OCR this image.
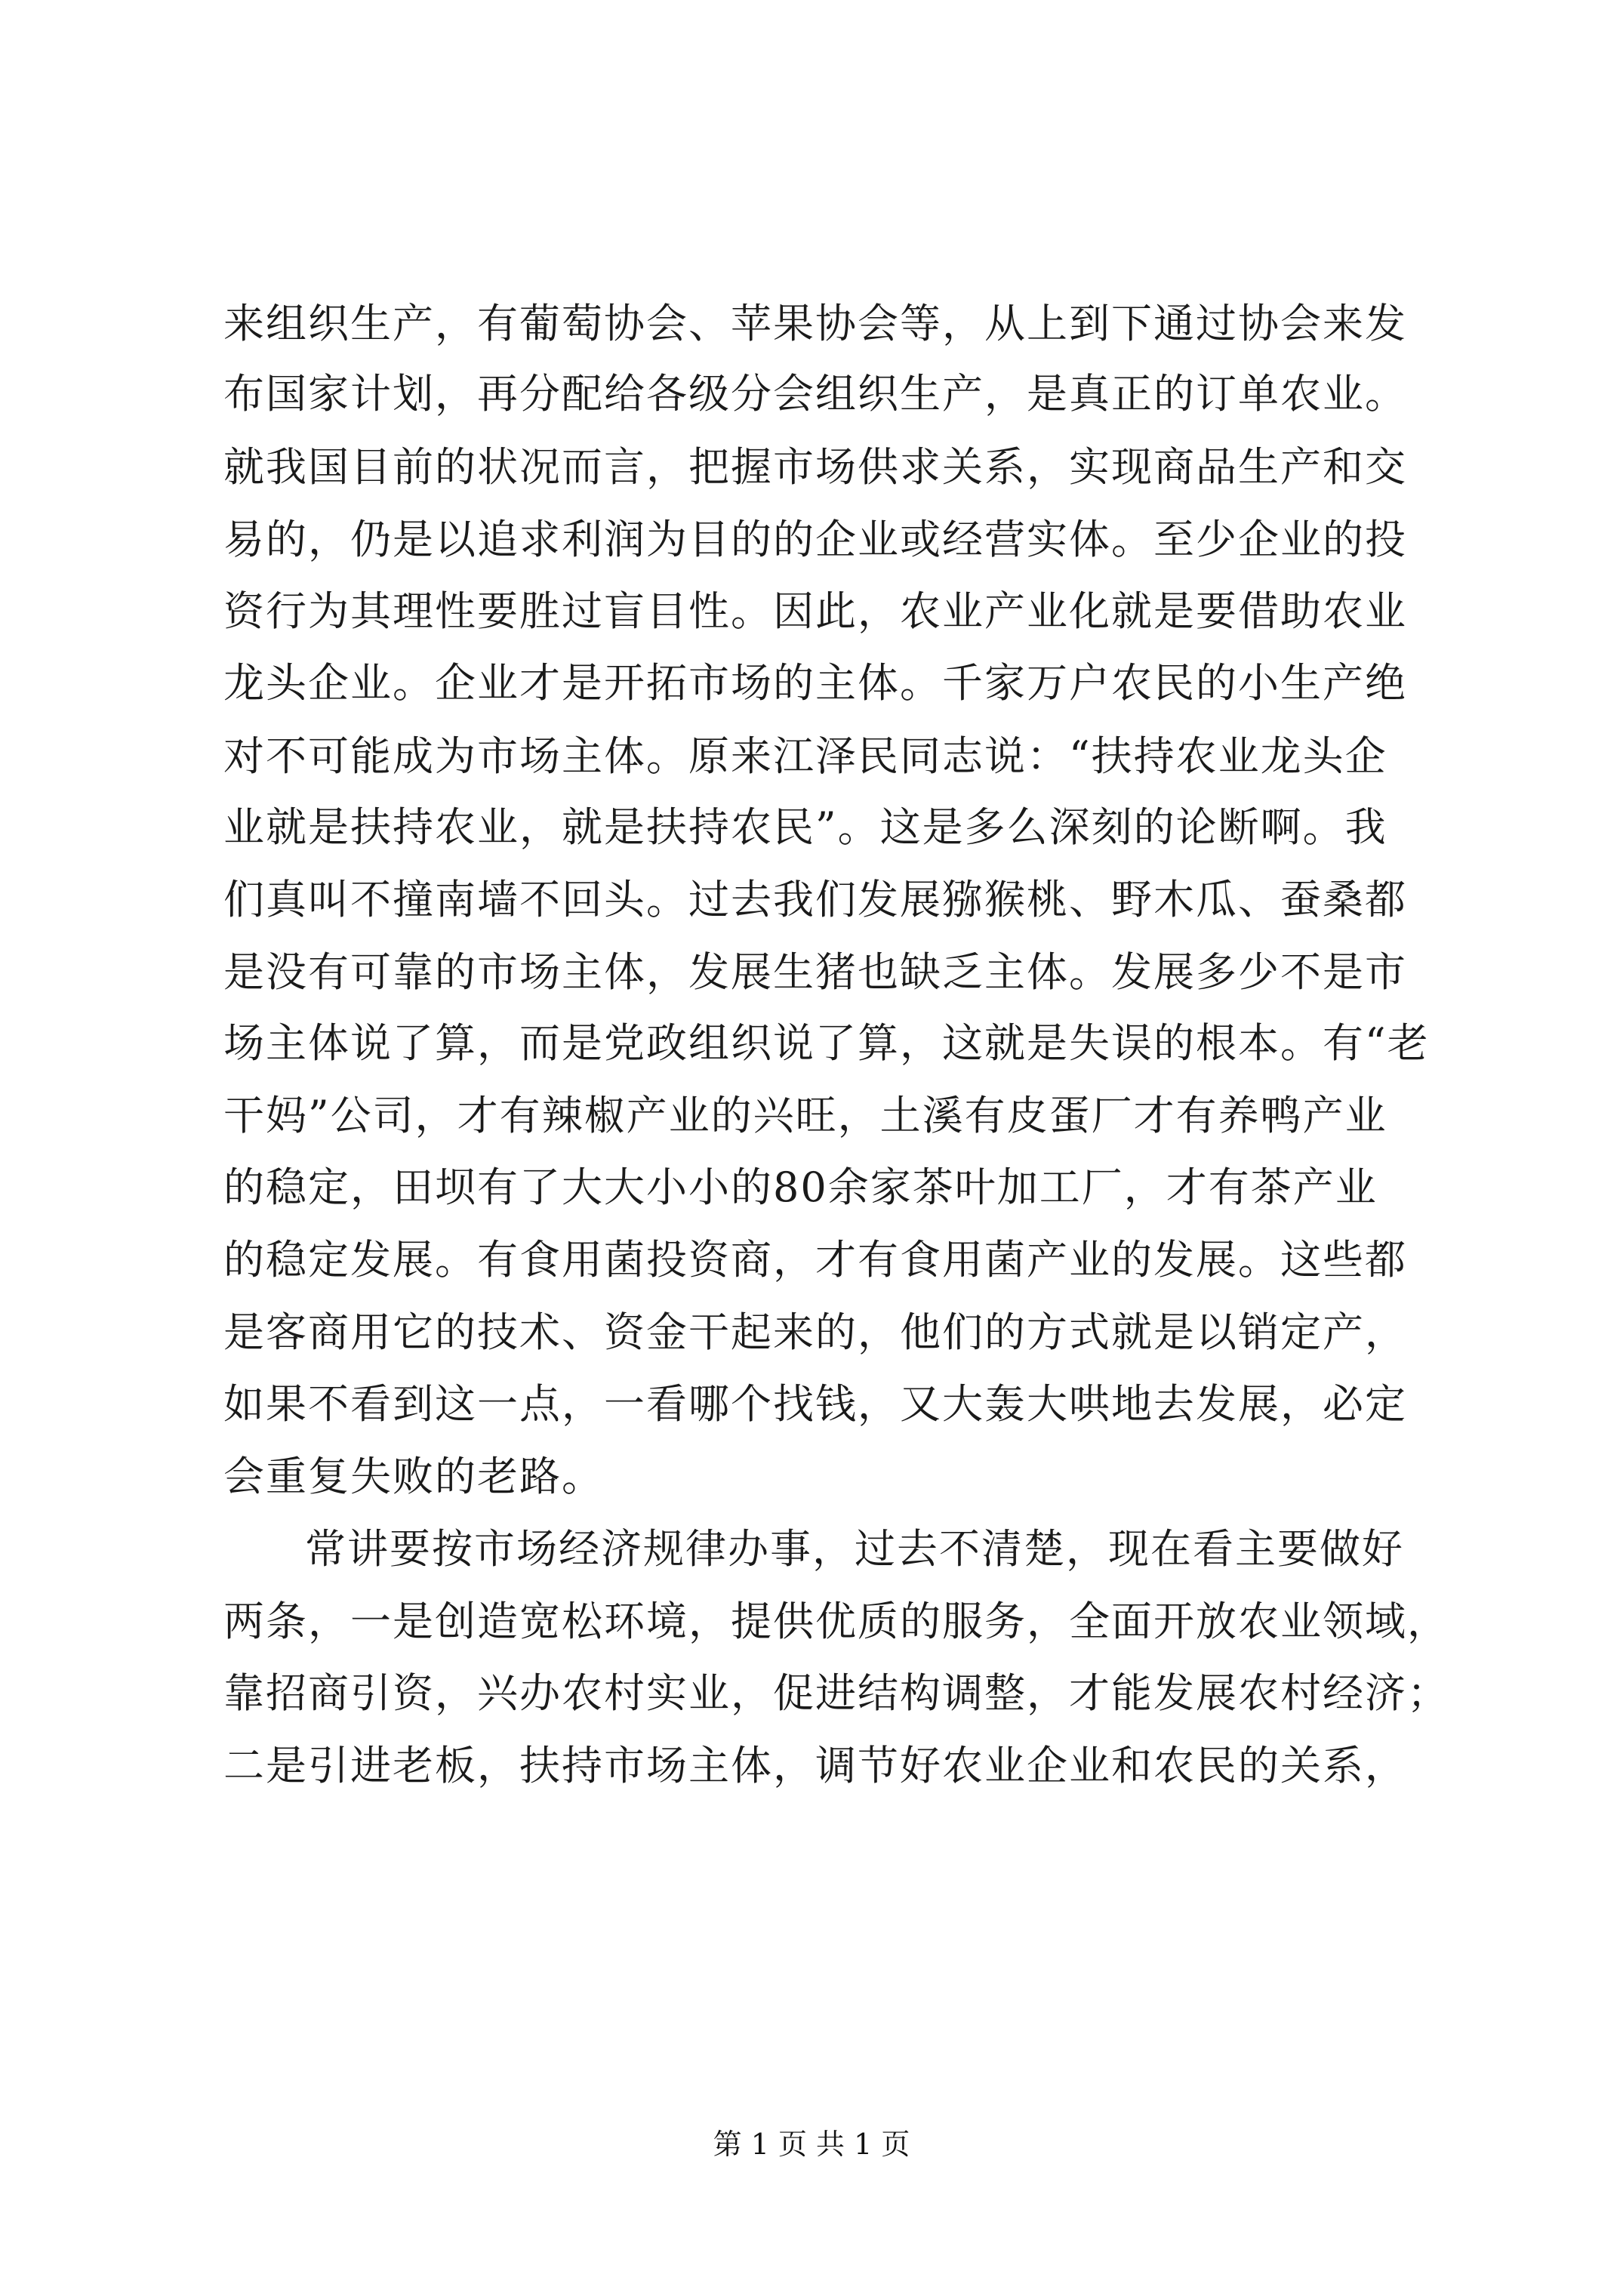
来组织生产，有葡萄协会、苹果协会等，从上到下通过协会来发
布国家计划，再分配给各级分会组织生产，是真正的订单农业。
就我国目前的状况而言，把握市场供求关系，实现商品生产和交
易的，仍是以追求利润为目的的企业或经营实体。至少企业的投
资行为其理性要胜过盲目性。因此，农业产业化就是要借助农业
龙头企业。企业才是开拓市场的主体。千家万户农民的小生产绝
对不可能成为市场主体。原来江泽民同志说：“扶持农业龙头企
业就是扶持农业，就是扶持农民”。这是多么深刻的论断啊。我
们真叫不撞南墙不回头。过去我们发展猕猴桃、野木瓜、蚕桑都
是没有可靠的市场主体，发展生猪也缺乏主体。发展多少不是市
场主体说了算，而是党政组织说了算，这就是失误的根本。有“老
干妈”公司，才有辣椒产业的兴旺，土溪有皮蛋厂才有养鸭产业
的稳定，田坝有了大大小小的80余家茶叶加工厂，才有茶产业
的稳定发展。有食用菌投资商，才有食用菌产业的发展。这些都
是客商用它的技术、资金干起来的，他们的方式就是以销定产，
如果不看到这一点，一看哪个找钱，又大轰大哄地去发展，必定
会重复失败的老路。
常讲要按市场经济规律办事，过去不清楚，现在看主要做好
两条，一是创造宽松环境，提供优质的服务，全面开放农业领域，
靠招商引资，兴办农村实业，促进结构调整，才能发展农村经济；
二是引进老板，扶持市场主体，调节好农业企业和农民的关系，
第 1 页 共 1 页
